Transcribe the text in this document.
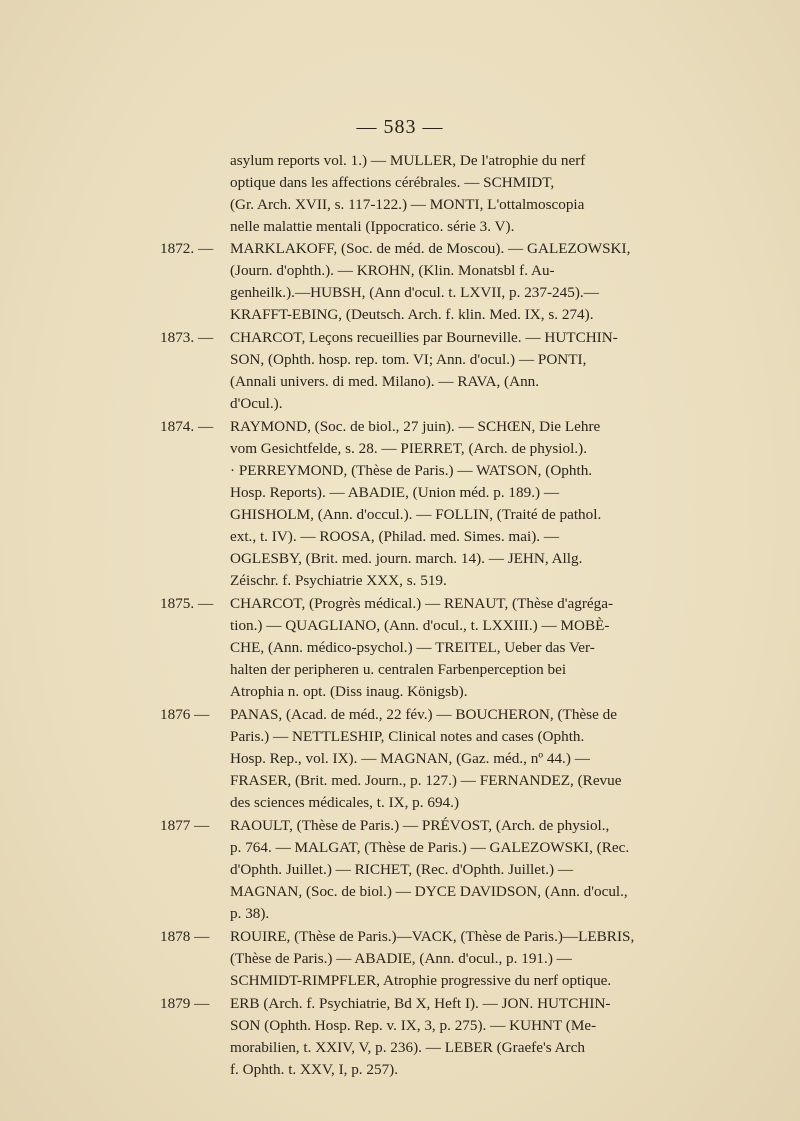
— 583 —
asylum reports vol. 1.) — MULLER, De l'atrophie du nerf
optique dans les affections cérébrales. — SCHMIDT,
(Gr. Arch. XVII, s. 117-122.) — MONTI, L'ottalmoscopia
nelle malattie mentali (Ippocratico. série 3. V).
1872. —	MARKLAKOFF, (Soc. de méd. de Moscou). — GALEZOWSKI,
(Journ. d'ophth.). — KROHN, (Klin. Monatsbl f. Au-
genheilk.).—HUBSH, (Ann d'ocul. t. LXVII, p. 237-245).—
KRAFFT-EBING, (Deutsch. Arch. f. klin. Med. IX, s. 274).
1873. —	CHARCOT, Leçons recueillies par Bourneville. — HUTCHIN-
SON, (Ophth. hosp. rep. tom. VI; Ann. d'ocul.) — PONTI,
(Annali univers. di med. Milano). — RAVA, (Ann.
d'Ocul.).
1874. —	RAYMOND, (Soc. de biol., 27 juin). — SCHŒN, Die Lehre
vom Gesichtfelde, s. 28. — PIERRET, (Arch. de physiol.).
· PERREYMOND, (Thèse de Paris.) — WATSON, (Ophth.
Hosp. Reports). — ABADIE, (Union méd. p. 189.) —
GHISHOLM, (Ann. d'occul.). — FOLLIN, (Traité de pathol.
ext., t. IV). — ROOSA, (Philad. med. Simes. mai). —
OGLESBY, (Brit. med. journ. march. 14). — JEHN, Allg.
Zéischr. f. Psychiatrie XXX, s. 519.
1875. —	CHARCOT, (Progrès médical.) — RENAUT, (Thèse d'agréga-
tion.) — QUAGLIANO, (Ann. d'ocul., t. LXXIII.) — MOBÈ-
CHE, (Ann. médico-psychol.) — TREITEL, Ueber das Ver-
halten der peripheren u. centralen Farbenperception bei
Atrophia n. opt. (Diss inaug. Königsb).
1876 —	PANAS, (Acad. de méd., 22 fév.) — BOUCHERON, (Thèse de
Paris.) — NETTLESHIP, Clinical notes and cases (Ophth.
Hosp. Rep., vol. IX). — MAGNAN, (Gaz. méd., nº 44.) —
FRASER, (Brit. med. Journ., p. 127.) — FERNANDEZ, (Revue
des sciences médicales, t. IX, p. 694.)
1877 —	RAOULT, (Thèse de Paris.) — PRÉVOST, (Arch. de physiol.,
p. 764. — MALGAT, (Thèse de Paris.) — GALEZOWSKI, (Rec.
d'Ophth. Juillet.) — RICHET, (Rec. d'Ophth. Juillet.) —
MAGNAN, (Soc. de biol.) — DYCE DAVIDSON, (Ann. d'ocul.,
p. 38).
1878 —	ROUIRE, (Thèse de Paris.)—VACK, (Thèse de Paris.)—LEBRIS,
(Thèse de Paris.) — ABADIE, (Ann. d'ocul., p. 191.) —
SCHMIDT-RIMPFLER, Atrophie progressive du nerf optique.
1879 —	ERB (Arch. f. Psychiatrie, Bd X, Heft I). — JON. HUTCHIN-
SON (Ophth. Hosp. Rep. v. IX, 3, p. 275). — KUHNT (Me-
morabilien, t. XXIV, V, p. 236). — LEBER (Graefe's Arch
f. Ophth. t. XXV, I, p. 257).
